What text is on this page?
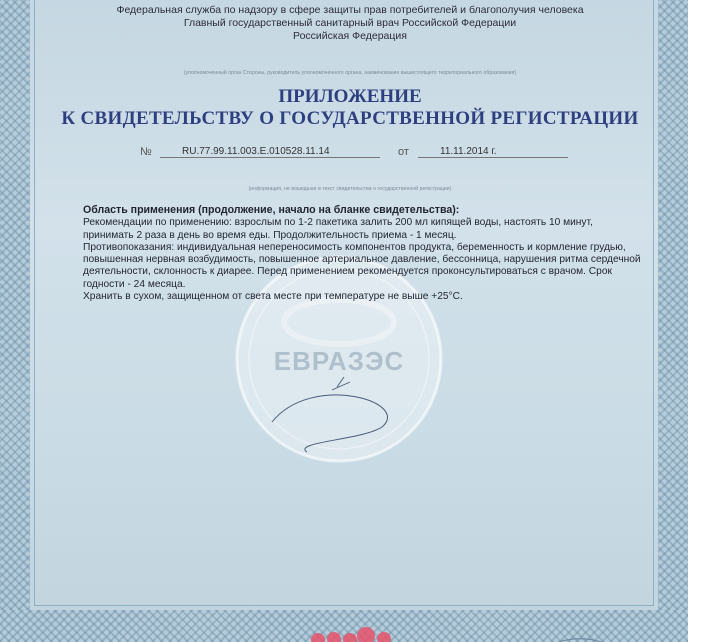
Федеральная служба по надзору в сфере защиты прав потребителей и благополучия человека
Главный государственный санитарный врач Российской Федерации
Российская Федерация
(уполномоченный орган Стороны, руководитель уполномоченного органа, наименование вышестоящего территориального образования)
ПРИЛОЖЕНИЕ
К СВИДЕТЕЛЬСТВУ О ГОСУДАРСТВЕННОЙ РЕГИСТРАЦИИ
№	RU.77.99.11.003.E.010528.11.14	от	11.11.2014 г.
(информация, не вошедшая в текст свидетельства о государственной регистрации)
ЕВРАЗЭС

Область применения (продолжение, начало на бланке свидетельства):

Рекомендации по применению: взрослым по 1-2 пакетика залить 200 мл кипящей воды, настоять 10 минут, принимать 2 раза в день во время еды. Продолжительность приема - 1 месяц.

Противопоказания: индивидуальная непереносимость компонентов продукта, беременность и кормление грудью, повышенная нервная возбудимость, повышенное артериальное давление, бессонница, нарушения ритма сердечной деятельности, склонность к диарее. Перед применением рекомендуется проконсультироваться с врачом. Срок годности - 24 месяца.

Хранить в сухом, защищенном от света месте при температуре не выше +25°С.
